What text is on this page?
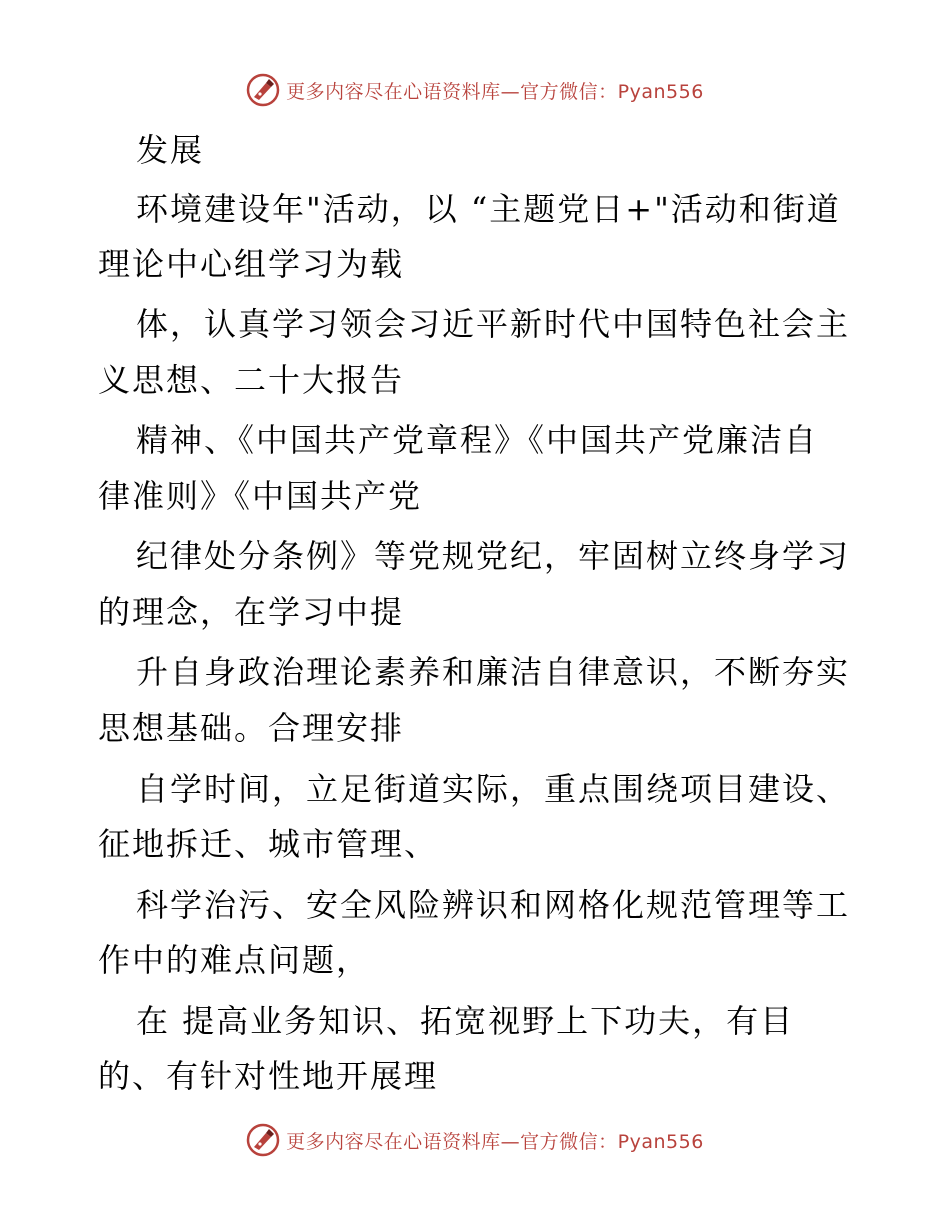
更多内容尽在心语资料库—官方微信：Pyan556
发展
环境建设年"活动，以 “主题党日+"活动和街道
理论中心组学习为载
体，认真学习领会习近平新时代中国特色社会主
义思想、二十大报告
精神、《中国共产党章程》《中国共产党廉洁自
律准则》《中国共产党
纪律处分条例》等党规党纪，牢固树立终身学习
的理念，在学习中提
升自身政治理论素养和廉洁自律意识，不断夯实
思想基础。合理安排
自学时间，立足街道实际，重点围绕项目建设、
征地拆迁、城市管理、
科学治污、安全风险辨识和网格化规范管理等工
作中的难点问题，
在 提高业务知识、拓宽视野上下功夫，有目
的、有针对性地开展理
更多内容尽在心语资料库—官方微信：Pyan556
